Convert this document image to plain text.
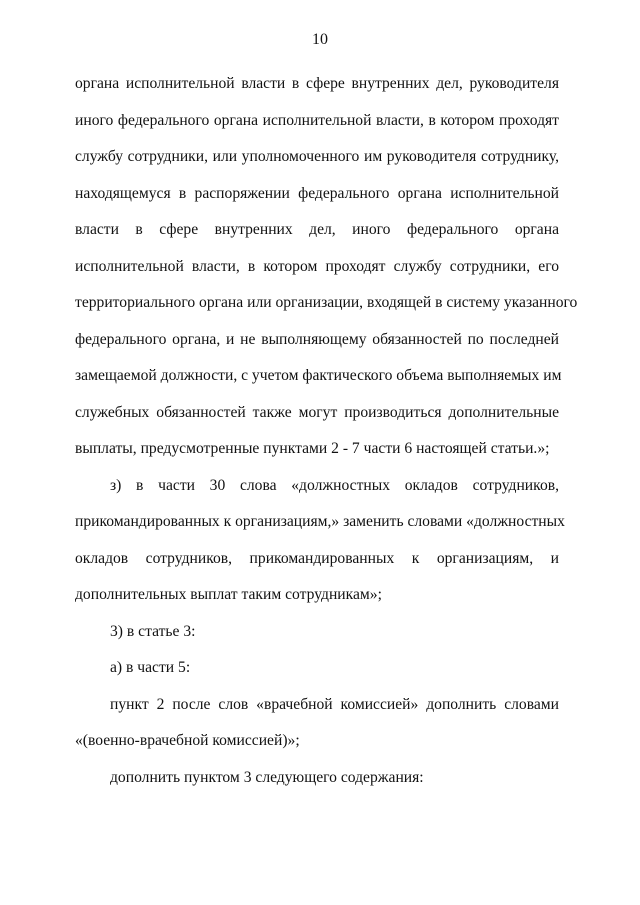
10
органа исполнительной власти в сфере внутренних дел, руководителя
иного федерального органа исполнительной власти, в котором проходят
службу сотрудники, или уполномоченного им руководителя сотруднику,
находящемуся в распоряжении федерального органа исполнительной
власти в сфере внутренних дел, иного федерального органа
исполнительной власти, в котором проходят службу сотрудники, его
территориального органа или организации, входящей в систему указанного
федерального органа, и не выполняющему обязанностей по последней
замещаемой должности, с учетом фактического объема выполняемых им
служебных обязанностей также могут производиться дополнительные
выплаты, предусмотренные пунктами 2 - 7 части 6 настоящей статьи.»;
з) в части 30 слова «должностных окладов сотрудников,
прикомандированных к организациям,» заменить словами «должностных
окладов сотрудников, прикомандированных к организациям, и
дополнительных выплат таким сотрудникам»;
3) в статье 3:
а) в части 5:
пункт 2 после слов «врачебной комиссией» дополнить словами
«(военно-врачебной комиссией)»;
дополнить пунктом 3 следующего содержания:
